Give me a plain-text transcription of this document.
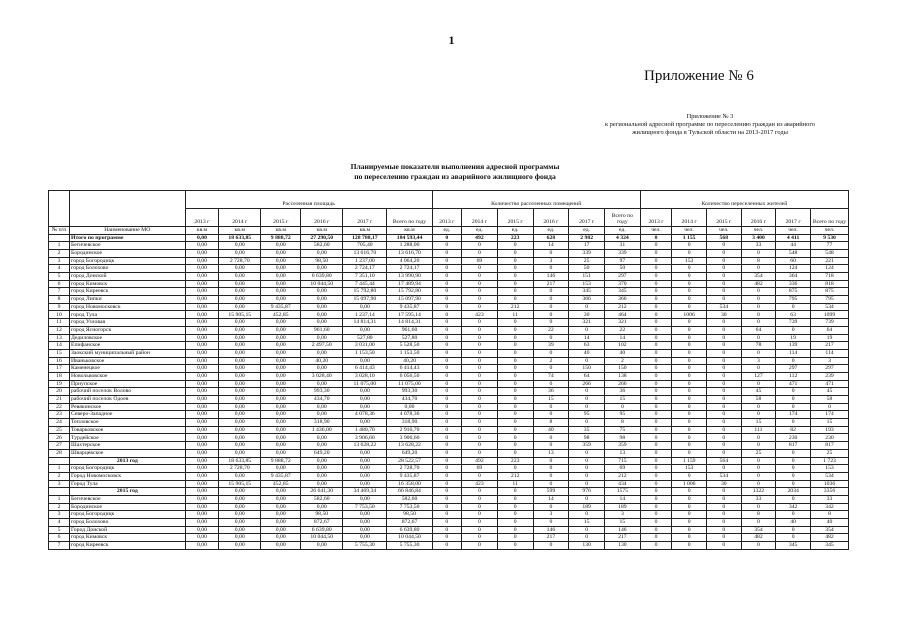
1
Приложение № 6
Приложение № 3
к региональной адресной программе по переселению граждан из аварийного
жилищного фонда в Тульской области на 2013-2017 годы
Планируемые показатели выполнения адресной программы
по переселению граждан из аварийного жилищного фонда
		Расселенная площадь						Количество расселенных помещений						Количество переселенных жителей					
		2013 г	2014 г	2015 г	2016 г	2017 г	Всего по году	2013 г	2014 г	2015 г	2016 г	2017 г	Всего по году	2013 г	2014 г	2015 г	2016 г	2017 г	Всего по году
№ п/п	Наименование МО	кв.м	кв.м	кв.м	кв.м	кв.м	кв.м	ед.	ед.	ед.	ед.	ед.	ед.	чел.	чел.	чел.	чел.	чел.	чел.
	Итого по программе	0,00	18 633,85	9 888,72	27 290,50	128 780,17	184 593,44	0	492	223	628	2 982	4 324	0	1 155	568	3 400	4 411	9 530
1	Бегичевское	0,00	0,00	0,00	582,60	705,40	1 288,00	0	0	0	14	17	31	0	0	0	33	44	77
2	Бородинское	0,00	0,00	0,00	0,00	13 616,70	13 616,70	0	0	0	0	339	339	0	0	0	0	548	548
3	город Богородицк	0,00	2 728,70	0,00	98,50	1 237,00	4 064,20	0	69	0	3	25	97	0	153	0	8	60	221
4	город Болохово	0,00	0,00	0,00	0,00	2 724,17	2 724,17	0	0	0	0	50	50	0	0	0	0	124	124
5	город Донской	0,00	0,00	0,00	6 639,80	7 351,10	13 990,90	0	0	0	146	151	297	0	0	0	354	364	718
6	город Кимовск	0,00	0,00	0,00	10 044,50	7 445,44	17 489,94	0	0	0	217	153	370	0	0	0	482	336	818
7	город Киреевск	0,00	0,00	0,00	0,00	15 792,80	15 792,80	0	0	0	0	345	345	0	0	0	0	875	875
8	город Липки	0,00	0,00	0,00	0,00	15 097,90	15 097,90	0	0	0	0	366	366	0	0	0	0	795	795
9	город Новомосковск	0,00	0,00	9 435,87	0,00	0,00	9 435,87	0	0	212	0	0	212	0	0	534	0	0	534
10	город Тула	0,00	15 905,15	452,85	0,00	1 237,14	17 595,14	0	423	11	0	30	464	0	1006	30	0	63	1099
11	город Узловая	0,00	0,00	0,00	0,00	14 814,31	14 814,31	0	0	0	0	321	321	0	0	0	0	739	739
12	город Ясногорск	0,00	0,00	0,00	961,60	0,00	961,60	0	0	0	22	0	22	0	0	0	64	0	64
13	Дедиловское	0,00	0,00	0,00	0,00	527,80	527,80	0	0	0	0	14	14	0	0	0	0	19	19
14	Епифанское	0,00	0,00	0,00	2 497,50	3 031,00	5 528,50	0	0	0	39	63	102	0	0	0	78	139	217
15	Заокский муниципальный район	0,00	0,00	0,00	0,00	1 153,50	1 153,50	0	0	0	0	40	40	0	0	0	0	114	114
16	Иваньковское	0,00	0,00	0,00	40,20	0,00	40,20	0	0	0	2	0	2	0	0	0	3	0	3
17	Каменецкое	0,00	0,00	0,00	0,00	6 414,43	6 414,43	0	0	0	0	150	150	0	0	0	0	297	297
18	Новольвовское	0,00	0,00	0,00	3 028,40	3 028,10	6 056,50	0	0	0	74	64	138	0	0	0	127	112	239
19	Приупское	0,00	0,00	0,00	0,00	11 075,00	11 075,00	0	0	0	0	266	266	0	0	0	0	471	471
20	рабочий поселок Волово	0,00	0,00	0,00	993,30	0,00	993,30	0	0	0	36	0	36	0	0	0	45	0	45
21	рабочий поселок Одоев	0,00	0,00	0,00	434,70	0,00	434,70	0	0	0	15	0	15	0	0	0	58	0	58
22	Ревякинское	0,00	0,00	0,00	0,00	0,00	0,00	0	0	0	0	0	0	0	0	0	0	0	0
23	Северо-Западное	0,00	0,00	0,00	0,00	4 078,36	4 078,36	0	0	0	0	95	95	0	0	0	0	174	174
24	Тепловское	0,00	0,00	0,00	318,90	0,00	318,90	0	0	0	8	0	8	0	0	0	15	0	15
25	Товарковское	0,00	0,00	0,00	1 436,00	1 480,70	2 916,70	0	0	0	40	35	75	0	0	0	111	82	193
26	Турдейское	0,00	0,00	0,00	0,00	3 906,60	3 906,60	0	0	0	0	98	98	0	0	0	0	230	230
27	Шахтерское	0,00	0,00	0,00	0,00	13 628,22	13 628,22	0	0	0	0	359	359	0	0	0	0	817	817
28	Шварцевское	0,00	0,00	0,00	649,20	0,00	649,20	0	0	0	13	0	13	0	0	0	25	0	25
	2013 год	0,00	18 633,85	9 888,72	0,00	0,00	28 522,57	0	492	223	0	0	715	0	1 159	564	0	0	1 723
1	город Богородицк	0,00	2 728,70	0,00	0,00	0,00	2 728,70	0	69	0	0	0	69	0	153	0	0	0	153
2	Город Новомосковск	0,00	0,00	9 435,87	0,00	0,00	9 435,87	0	0	212	0	0	212	0	0	534	0	0	534
3	Город Тула	0,00	15 905,15	452,85	0,00	0,00	16 358,00	0	423	11	0	0	434	0	1 006	30	0	0	1036
	2015 год	0,00	0,00	0,00	26 641,30	34 469,34	66 846,84	0	0	0	599	976	1575	0	0	0	1322	2034	3356
1	Бегичевское	0,00	0,00	0,00	582,60	0,00	582,60	0	0	0	14	0	14	0	0	0	33	0	33
2	Бородинское	0,00	0,00	0,00	0,00	7 753,50	7 753,50	0	0	0	0	189	189	0	0	0	0	342	342
3	город Богородицк	0,00	0,00	0,00	98,50	0,00	98,50	0	0	0	3	0	3	0	0	0	8	0	8
4	город Болохово	0,00	0,00	0,00	872,67	0,00	872,67	0	0	0	0	15	15	0	0	0	0	40	40
5	Город Донской	0,00	0,00	0,00	6 639,80	0,00	6 639,80	0	0	0	146	0	146	0	0	0	354	0	354
6	город Кимовск	0,00	0,00	0,00	10 044,50	0,00	10 044,50	0	0	0	217	0	217	0	0	0	482	0	482
7	город Киреевск	0,00	0,00	0,00	0,00	5 755,30	5 755,30	0	0	0	0	130	130	0	0	0	0	345	345
